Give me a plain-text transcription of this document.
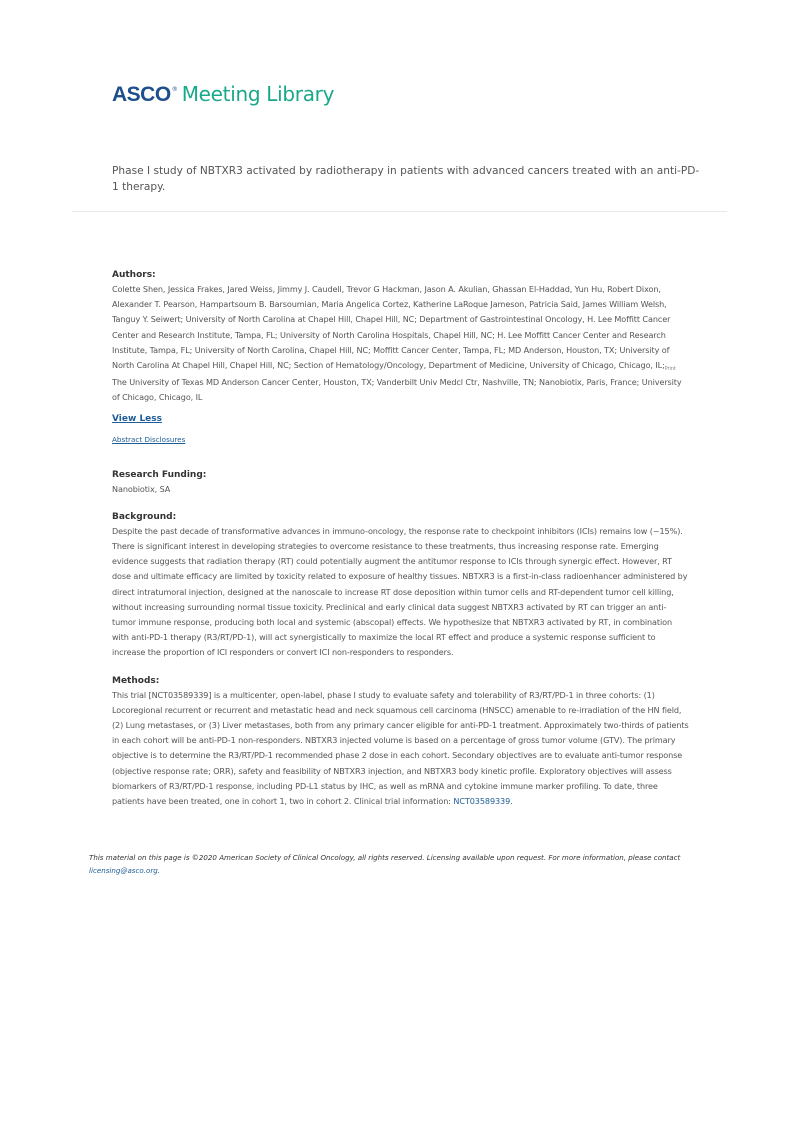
ASCO ® Meeting Library
Phase I study of NBTXR3 activated by radiotherapy in patients with advanced cancers treated with an anti-PD-1 therapy.
Authors:

Colette Shen, Jessica Frakes, Jared Weiss, Jimmy J. Caudell, Trevor G Hackman, Jason A. Akulian, Ghassan El-Haddad, Yun Hu, Robert Dixon, Alexander T. Pearson, Hampartsoum B. Barsoumian, Maria Angelica Cortez, Katherine LaRoque Jameson, Patricia Said, James William Welsh, Tanguy Y. Seiwert; University of North Carolina at Chapel Hill, Chapel Hill, NC; Department of Gastrointestinal Oncology, H. Lee Moffitt Cancer Center and Research Institute, Tampa, FL; University of North Carolina Hospitals, Chapel Hill, NC; H. Lee Moffitt Cancer Center and Research Institute, Tampa, FL; University of North Carolina, Chapel Hill, NC; Moffitt Cancer Center, Tampa, FL; MD Anderson, Houston, TX; University of North Carolina At Chapel Hill, Chapel Hill, NC; Section of Hematology/Oncology, Department of Medicine, University of Chicago, Chicago, $IL;_{Print}$ The University of Texas MD Anderson Cancer Center, Houston, TX; Vanderbilt Univ Medcl Ctr, Nashville, TN; Nanobiotix, Paris, France; University of Chicago, Chicago, IL

View Less
Abstract Disclosures
Research Funding:

Nanobiotix, SA

Background:

Despite the past decade of transformative advances in immuno-oncology, the response rate to checkpoint inhibitors (ICIs) remains low (~15%). There is significant interest in developing strategies to overcome resistance to these treatments, thus increasing response rate. Emerging evidence suggests that radiation therapy (RT) could potentially augment the antitumor response to ICIs through synergic effect. However, RT dose and ultimate efficacy are limited by toxicity related to exposure of healthy tissues. NBTXR3 is a first-in-class radioenhancer administered by direct intratumoral injection, designed at the nanoscale to increase RT dose deposition within tumor cells and RT-dependent tumor cell killing, without increasing surrounding normal tissue toxicity. Preclinical and early clinical data suggest NBTXR3 activated by RT can trigger an anti-tumor immune response, producing both local and systemic (abscopal) effects. We hypothesize that NBTXR3 activated by RT, in combination with anti-PD-1 therapy (R3/RT/PD-1), will act synergistically to maximize the local RT effect and produce a systemic response sufficient to increase the proportion of ICI responders or convert ICI non-responders to responders.

Methods:

This trial [NCT03589339] is a multicenter, open-label, phase I study to evaluate safety and tolerability of R3/RT/PD-1 in three cohorts: (1) Locoregional recurrent or recurrent and metastatic head and neck squamous cell carcinoma (HNSCC) amenable to re-irradiation of the HN field, (2) Lung metastases, or (3) Liver metastases, both from any primary cancer eligible for anti-PD-1 treatment. Approximately two-thirds of patients in each cohort will be anti-PD-1 non-responders. NBTXR3 injected volume is based on a percentage of gross tumor volume (GTV). The primary objective is to determine the R3/RT/PD-1 recommended phase 2 dose in each cohort. Secondary objectives are to evaluate anti-tumor response (objective response rate; ORR), safety and feasibility of NBTXR3 injection, and NBTXR3 body kinetic profile. Exploratory objectives will assess biomarkers of R3/RT/PD-1 response, including PD-L1 status by IHC, as well as mRNA and cytokine immune marker profiling. To date, three patients have been treated, one in cohort 1, two in cohort 2. Clinical trial information: NCT03589339.

This material on this page is ©2020 American Society of Clinical Oncology, all rights reserved. Licensing available upon request. For more information, please contact licensing@asco.org.
